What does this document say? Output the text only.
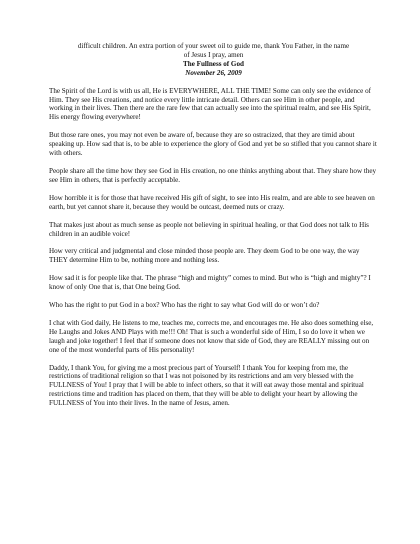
difficult children. An extra portion of your sweet oil to guide me, thank You Father, in the name
of Jesus I pray, amen

The Fullness of God

November 26, 2009

The Spirit of the Lord is with us all, He is EVERYWHERE, ALL THE TIME! Some can only see the evidence of Him. They see His creations, and notice every little intricate detail. Others can see Him in other people, and working in their lives. Then there are the rare few that can actually see into the spiritual realm, and see His Spirit, His energy flowing everywhere!

But those rare ones, you may not even be aware of, because they are so ostracized, that they are timid about speaking up. How sad that is, to be able to experience the glory of God and yet be so stifled that you cannot share it with others.

People share all the time how they see God in His creation, no one thinks anything about that. They share how they see Him in others, that is perfectly acceptable.

How horrible it is for those that have received His gift of sight, to see into His realm, and are able to see heaven on earth, but yet cannot share it, because they would be outcast, deemed nuts or crazy.

That makes just about as much sense as people not believing in spiritual healing, or that God does not talk to His children in an audible voice!

How very critical and judgmental and close minded those people are. They deem God to be one way, the way THEY determine Him to be, nothing more and nothing less.

How sad it is for people like that. The phrase “high and mighty” comes to mind. But who is “high and mighty”? I know of only One that is, that One being God.

Who has the right to put God in a box? Who has the right to say what God will do or won’t do?

I chat with God daily, He listens to me, teaches me, corrects me, and encourages me. He also does something else, He Laughs and Jokes AND Plays with me!!! Oh! That is such a wonderful side of Him, I so do love it when we laugh and joke together! I feel that if someone does not know that side of God, they are REALLY missing out on one of the most wonderful parts of His personality!

Daddy, I thank You, for giving me a most precious part of Yourself! I thank You for keeping from me, the restrictions of traditional religion so that I was not poisoned by its restrictions and am very blessed with the FULLNESS of You! I pray that I will be able to infect others, so that it will eat away those mental and spiritual restrictions time and tradition has placed on them, that they will be able to delight your heart by allowing the FULLNESS of You into their lives. In the name of Jesus, amen.
